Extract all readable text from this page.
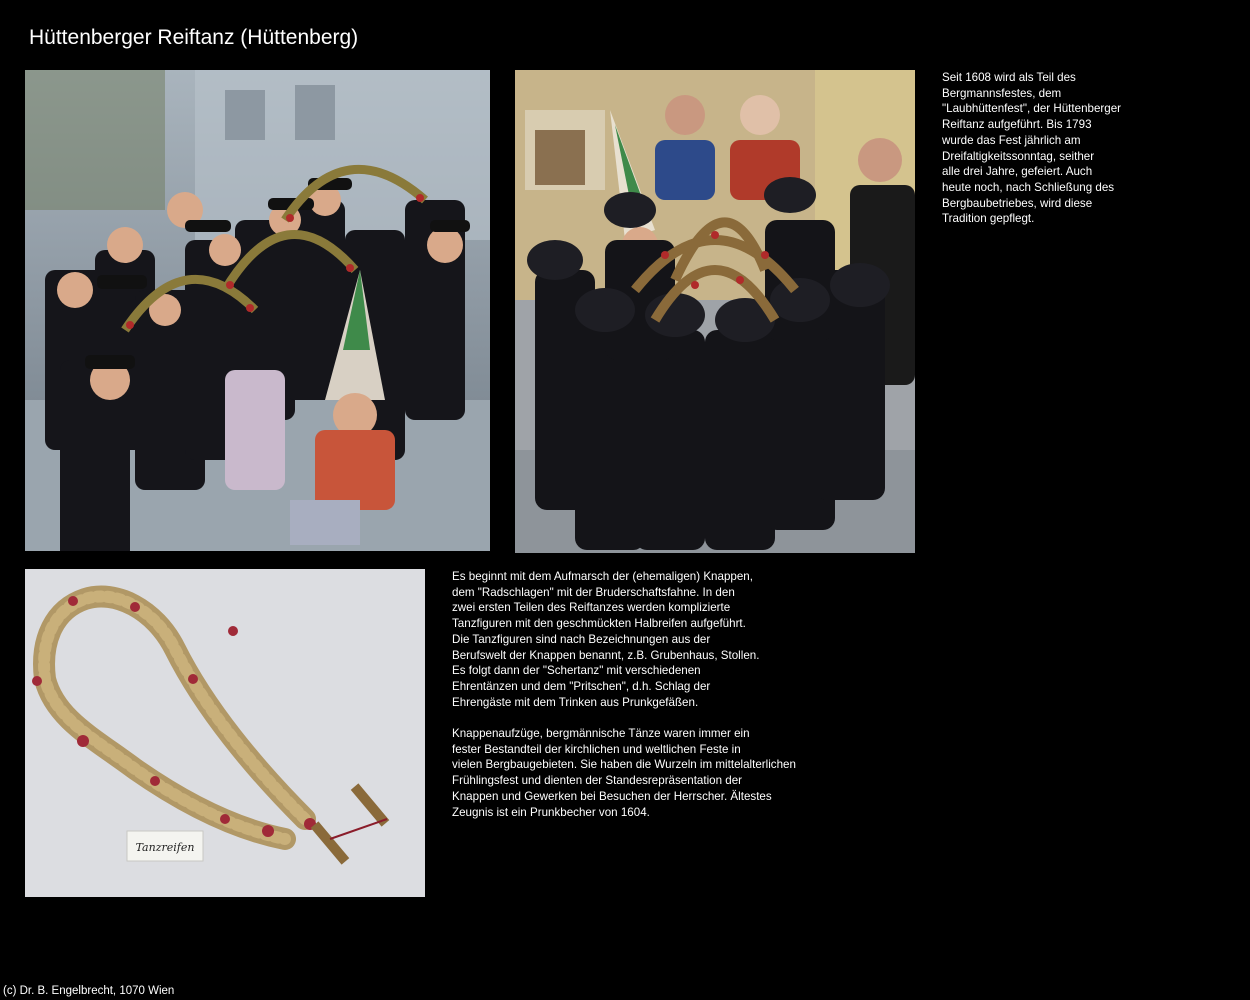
Hüttenberger Reiftanz (Hüttenberg)
Tanzreifen
Seit 1608 wird als Teil des
Bergmannsfestes, dem
"Laubhüttenfest", der Hüttenberger
Reiftanz aufgeführt. Bis 1793
wurde das Fest jährlich am
Dreifaltigkeitssonntag, seither
alle drei Jahre, gefeiert. Auch
heute noch, nach Schließung des
Bergbaubetriebes, wird diese
Tradition gepflegt.
Es beginnt mit dem Aufmarsch der (ehemaligen) Knappen,
dem "Radschlagen" mit der Bruderschaftsfahne. In den
zwei ersten Teilen des Reiftanzes werden komplizierte
Tanzfiguren mit den geschmückten Halbreifen aufgeführt.
Die Tanzfiguren sind nach Bezeichnungen aus der
Berufswelt der Knappen benannt, z.B. Grubenhaus, Stollen.
Es folgt dann der "Schertanz" mit verschiedenen
Ehrentänzen und dem "Pritschen", d.h. Schlag der
Ehrengäste mit dem Trinken aus Prunkgefäßen.
Knappenaufzüge, bergmännische Tänze waren immer ein
fester Bestandteil der kirchlichen und weltlichen Feste in
vielen Bergbaugebieten. Sie haben die Wurzeln im mittelalterlichen
Frühlingsfest und dienten der Standesrepräsentation der
Knappen und Gewerken bei Besuchen der Herrscher. Ältestes
Zeugnis ist ein Prunkbecher von 1604.
(c) Dr. B. Engelbrecht, 1070 Wien
